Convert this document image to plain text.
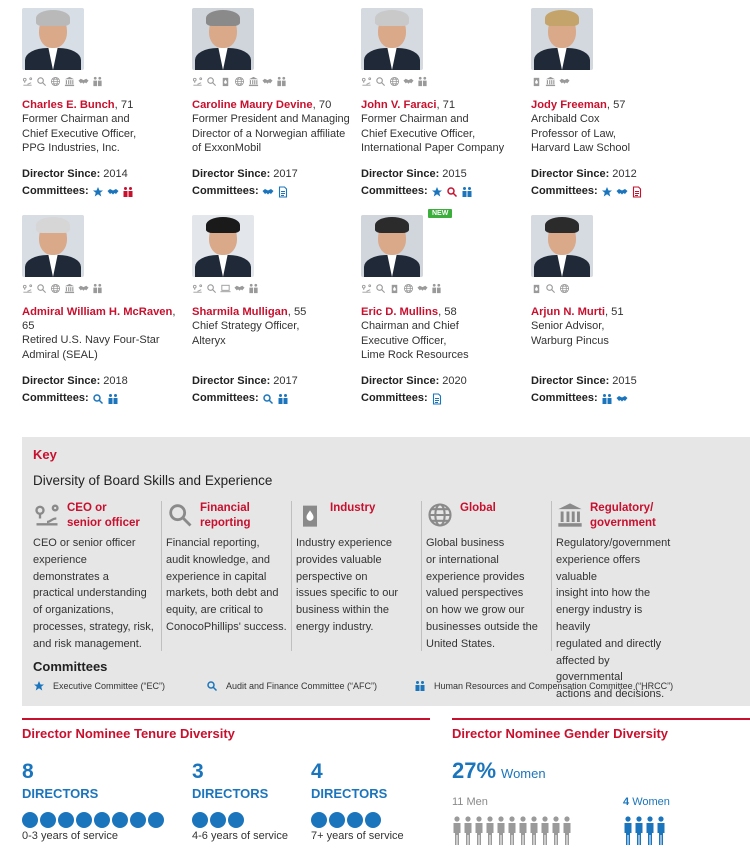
Charles E. Bunch, 71
Former Chairman and
Chief Executive Officer,
PPG Industries, Inc.
Director Since: 2014
Committees:
Caroline Maury Devine, 70
Former President and Managing
Director of a Norwegian affiliate
of ExxonMobil
Director Since: 2017
Committees:
John V. Faraci, 71
Former Chairman and
Chief Executive Officer,
International Paper Company
Director Since: 2015
Committees:
Jody Freeman, 57
Archibald Cox
Professor of Law,
Harvard Law School
Director Since: 2012
Committees:
Admiral William H. McRaven, 65
Retired U.S. Navy Four-Star
Admiral (SEAL)
Director Since: 2018
Committees:
Sharmila Mulligan, 55
Chief Strategy Officer,
Alteryx
Director Since: 2017
Committees:
NEW
Eric D. Mullins, 58
Chairman and Chief
Executive Officer,
Lime Rock Resources
Director Since: 2020
Committees:
Arjun N. Murti, 51
Senior Advisor,
Warburg Pincus
Director Since: 2015
Committees:
Key
Diversity of Board Skills and Experience
CEO or
senior officer
CEO or senior officer
experience
demonstrates a
practical understanding
of organizations,
processes, strategy, risk,
and risk management.
Financial
reporting
Financial reporting,
audit knowledge, and
experience in capital
markets, both debt and
equity, are critical to
ConocoPhillips' success.
Industry
Industry experience
provides valuable
perspective on
issues specific to our
business within the
energy industry.
Global
Global business
or international
experience provides
valued perspectives
on how we grow our
businesses outside the
United States.
Regulatory/
government
Regulatory/government
experience offers valuable
insight into how the
energy industry is heavily
regulated and directly
affected by governmental
actions and decisions.
Committees
Executive Committee (“EC”)	Audit and Finance Committee (“AFC”)	Human Resources and Compensation Committee (“HRCC”)
Director Nominee Tenure Diversity	Director Nominee Gender Diversity
8
DIRECTORS
0-3 years of service
3
DIRECTORS
4-6 years of service
4
DIRECTORS
7+ years of service
27% Women
11 Men	4 Women
